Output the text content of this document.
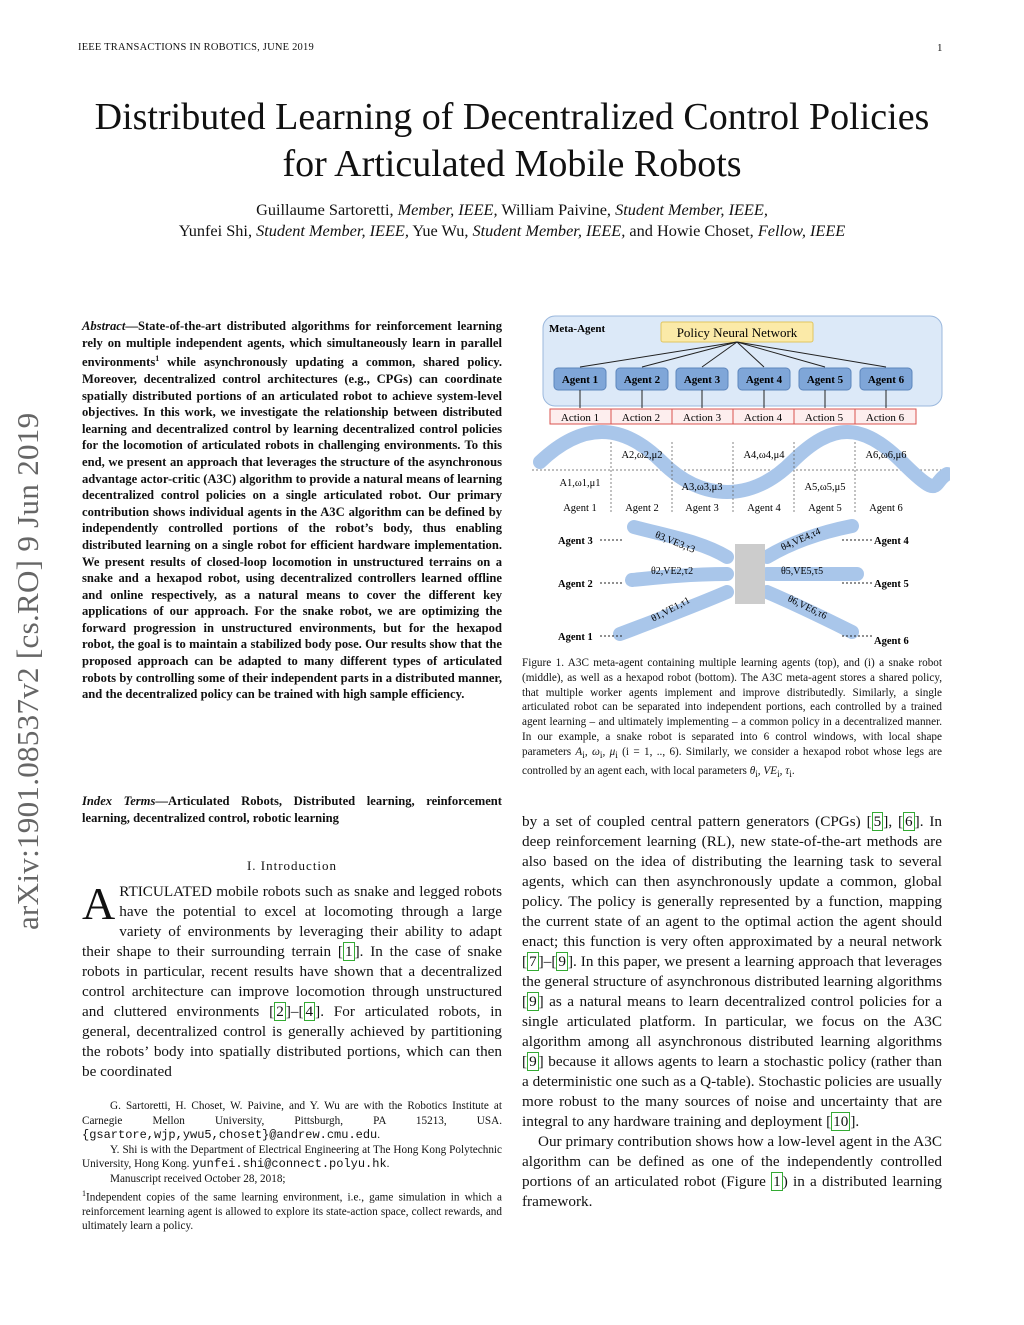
IEEE TRANSACTIONS IN ROBOTICS, JUNE 2019	1
arXiv:1901.08537v2 [cs.RO] 9 Jun 2019
Distributed Learning of Decentralized Control Policies for Articulated Mobile Robots
Guillaume Sartoretti, Member, IEEE, William Paivine, Student Member, IEEE,
Yunfei Shi, Student Member, IEEE, Yue Wu, Student Member, IEEE, and Howie Choset, Fellow, IEEE
Abstract—State-of-the-art distributed algorithms for reinforcement learning rely on multiple independent agents, which simultaneously learn in parallel environments$^1$ while asynchronously updating a common, shared policy. Moreover, decentralized control architectures (e.g., CPGs) can coordinate spatially distributed portions of an articulated robot to achieve system-level objectives. In this work, we investigate the relationship between distributed learning and decentralized control by learning decentralized control policies for the locomotion of articulated robots in challenging environments. To this end, we present an approach that leverages the structure of the asynchronous advantage actor-critic (A3C) algorithm to provide a natural means of learning decentralized control policies on a single articulated robot. Our primary contribution shows individual agents in the A3C algorithm can be defined by independently controlled portions of the robot’s body, thus enabling distributed learning on a single robot for efficient hardware implementation. We present results of closed-loop locomotion in unstructured terrains on a snake and a hexapod robot, using decentralized controllers learned offline and online respectively, as a natural means to cover the different key applications of our approach. For the snake robot, we are optimizing the forward progression in unstructured environments, but for the hexapod robot, the goal is to maintain a stabilized body pose. Our results show that the proposed approach can be adapted to many different types of articulated robots by controlling some of their independent parts in a distributed manner, and the decentralized policy can be trained with high sample efficiency.
Index Terms—Articulated Robots, Distributed learning, reinforcement learning, decentralized control, robotic learning
I. Introduction
ARTICULATED mobile robots such as snake and legged robots have the potential to excel at locomoting through a large variety of environments by leveraging their ability to adapt their shape to their surrounding terrain [ 1 ]. In the case of snake robots in particular, recent results have shown that a decentralized control architecture can improve locomotion through unstructured and cluttered environments [ 2 ]–[ 4 ]. For articulated robots, in general, decentralized control is generally achieved by partitioning the robots’ body into spatially distributed portions, which can then be coordinated

G. Sartoretti, H. Choset, W. Paivine, and Y. Wu are with the Robotics Institute at Carnegie Mellon University, Pittsburgh, PA 15213, USA. {gsartore,wjp,ywu5,choset}@andrew.cmu.edu.

Y. Shi is with the Department of Electrical Engineering at The Hong Kong Polytechnic University, Hong Kong. yunfei.shi@connect.polyu.hk.

Manuscript received October 28, 2018;

$^1$Independent copies of the same learning environment, i.e., game simulation in which a reinforcement learning agent is allowed to explore its state-action space, collect rewards, and ultimately learn a policy.

Meta-Agent	Policy Neural Network
Agent 1 Agent 2 Agent 3 Agent 4 Agent 5 Agent 6
Action 1 Action 2 Action 3 Action 4 Action 5 Action 6
A1,ω1,μ1
A2,ω2,μ2
A3,ω3,μ3
A4,ω4,μ4
A5,ω5,μ5
A6,ω6,μ6
Agent 1	Agent 2	Agent 3	Agent 4	Agent 5	Agent 6
Agent 3
Agent 2
Agent 1
Agent 4
Agent 5
Agent 6
θ1,VE1,τ1
θ2,VE2,τ2
θ3,VE3,τ3	θ4,VE4,τ4
θ5,VE5,τ5
θ6,VE6,τ6
Figure 1. A3C meta-agent containing multiple learning agents (top), and (i) a snake robot (middle), as well as a hexapod robot (bottom). The A3C meta-agent stores a shared policy, that multiple worker agents implement and improve distributedly. Similarly, a single articulated robot can be separated into independent portions, each controlled by a trained agent learning – and ultimately implementing – a common policy in a decentralized manner. In our example, a snake robot is separated into 6 control windows, with local shape parameters $A_i$, $\omega_i$, $\mu_i$ (i = 1, .., 6). Similarly, we consider a hexapod robot whose legs are controlled by an agent each, with local parameters $\theta_i$, $VE_i$, $\tau_i$.

by a set of coupled central pattern generators (CPGs) [ 5 ], [ 6 ]. In deep reinforcement learning (RL), new state-of-the-art methods are also based on the idea of distributing the learning task to several agents, which can then asynchronously update a common, global policy. The policy is generally represented by a function, mapping the current state of an agent to the optimal action the agent should enact; this function is very often approximated by a neural network [ 7 ]–[ 9 ]. In this paper, we present a learning approach that leverages the general structure of asynchronous distributed learning algorithms [ 9 ] as a natural means to learn decentralized control policies for a single articulated platform. In particular, we focus on the A3C algorithm among all asynchronous distributed learning algorithms [ 9 ] because it allows agents to learn a stochastic policy (rather than a deterministic one such as a Q-table). Stochastic policies are usually more robust to the many sources of noise and uncertainty that are integral to any hardware training and deployment [ 10 ].

Our primary contribution shows how a low-level agent in the A3C algorithm can be defined as one of the independently controlled portions of an articulated robot (Figure 1 ) in a distributed learning framework.
